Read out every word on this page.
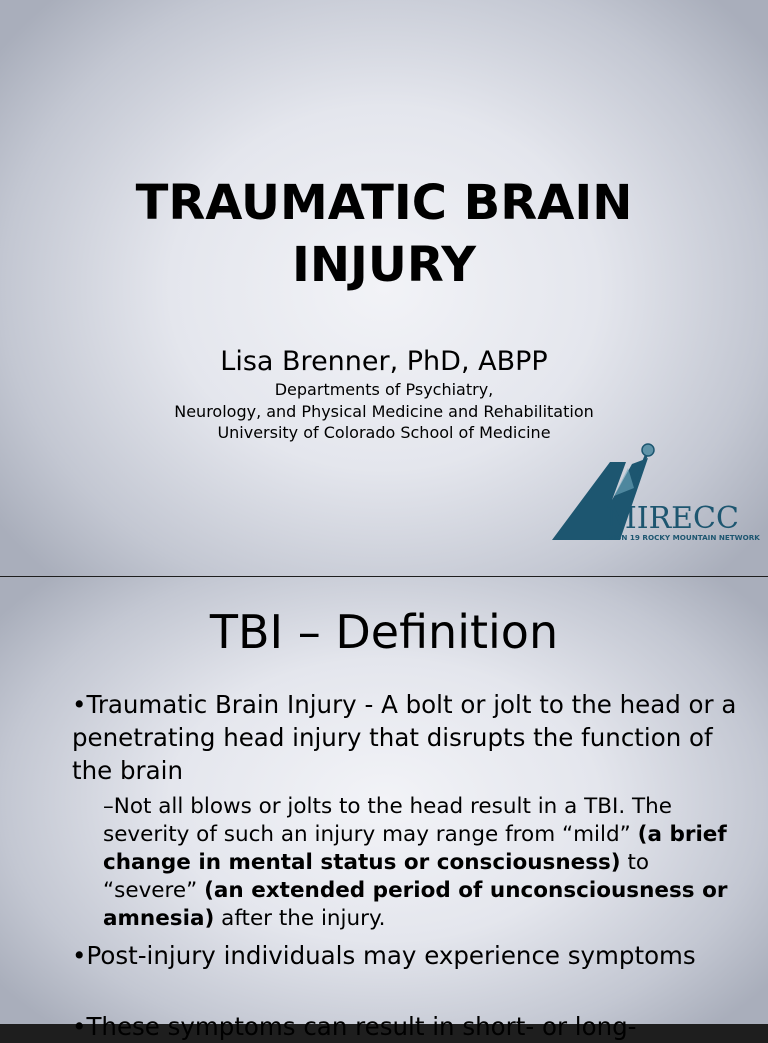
TRAUMATIC BRAIN
INJURY
Lisa Brenner, PhD, ABPP
Departments of Psychiatry,
Neurology, and Physical Medicine and Rehabilitation
University of Colorado School of Medicine
MIRECC
VISN 19 ROCKY MOUNTAIN NETWORK
TBI – Definition
•Traumatic Brain Injury - A bolt or jolt to the head or a penetrating head injury that disrupts the function of the brain
–Not all blows or jolts to the head result in a TBI. The severity of such an injury may range from “mild” (a brief change in mental status or consciousness) to “severe” (an extended period of unconsciousness or amnesia) after the injury.
•Post-injury individuals may experience symptoms
•These symptoms can result in short- or long-
